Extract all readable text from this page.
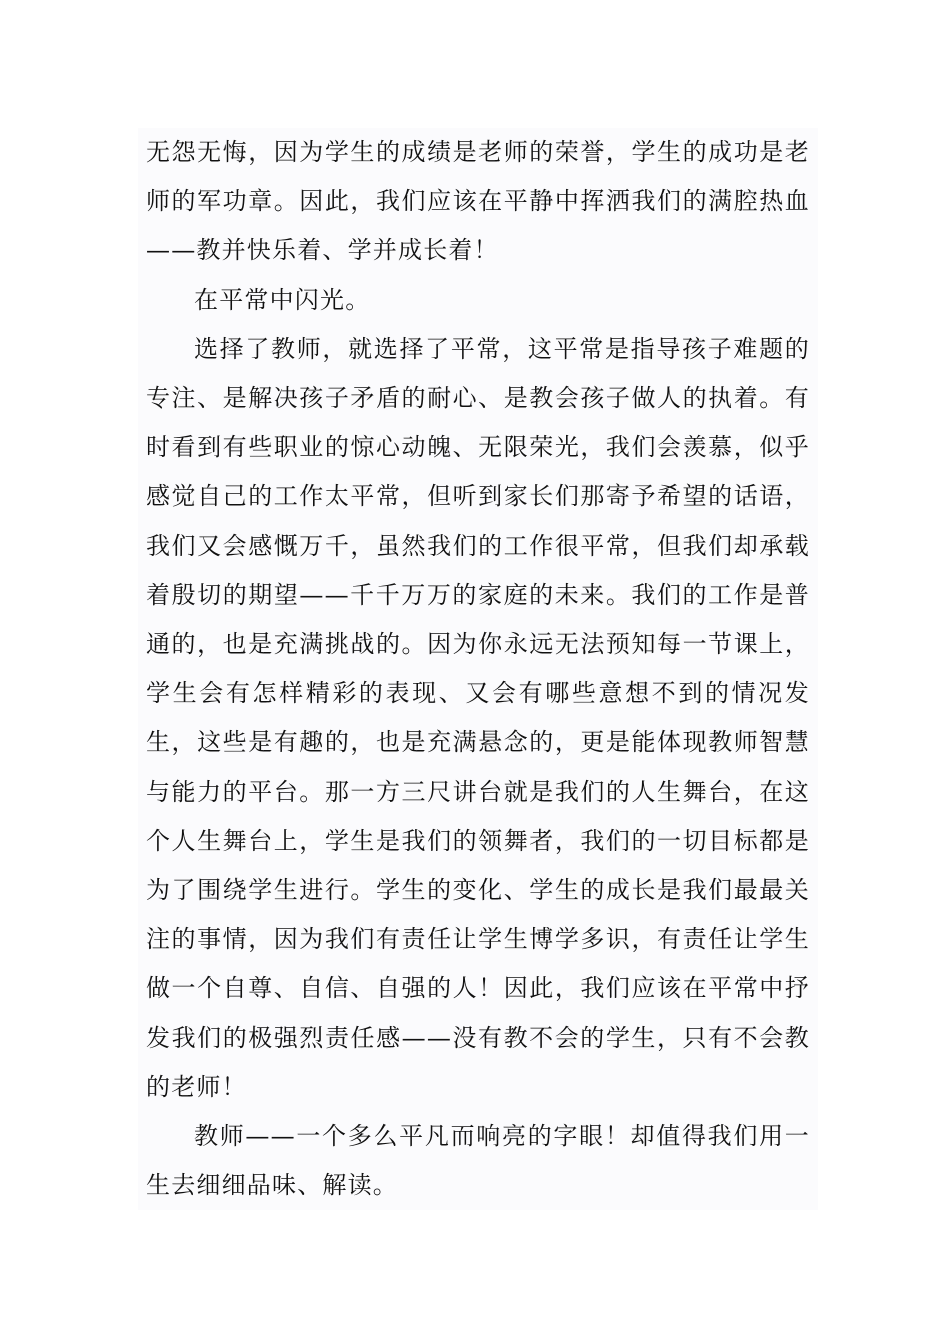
无怨无悔，因为学生的成绩是老师的荣誉，学生的成功是老师的军功章。因此，我们应该在平静中挥洒我们的满腔热血——教并快乐着、学并成长着！

在平常中闪光。

选择了教师，就选择了平常，这平常是指导孩子难题的专注、是解决孩子矛盾的耐心、是教会孩子做人的执着。有时看到有些职业的惊心动魄、无限荣光，我们会羡慕，似乎感觉自己的工作太平常，但听到家长们那寄予希望的话语，我们又会感慨万千，虽然我们的工作很平常，但我们却承载着殷切的期望——千千万万的家庭的未来。我们的工作是普通的，也是充满挑战的。因为你永远无法预知每一节课上，学生会有怎样精彩的表现、又会有哪些意想不到的情况发生，这些是有趣的，也是充满悬念的，更是能体现教师智慧与能力的平台。那一方三尺讲台就是我们的人生舞台，在这个人生舞台上，学生是我们的领舞者，我们的一切目标都是为了围绕学生进行。学生的变化、学生的成长是我们最最关注的事情，因为我们有责任让学生博学多识，有责任让学生做一个自尊、自信、自强的人！因此，我们应该在平常中抒发我们的极强烈责任感——没有教不会的学生，只有不会教的老师！

教师——一个多么平凡而响亮的字眼！却值得我们用一生去细细品味、解读。
